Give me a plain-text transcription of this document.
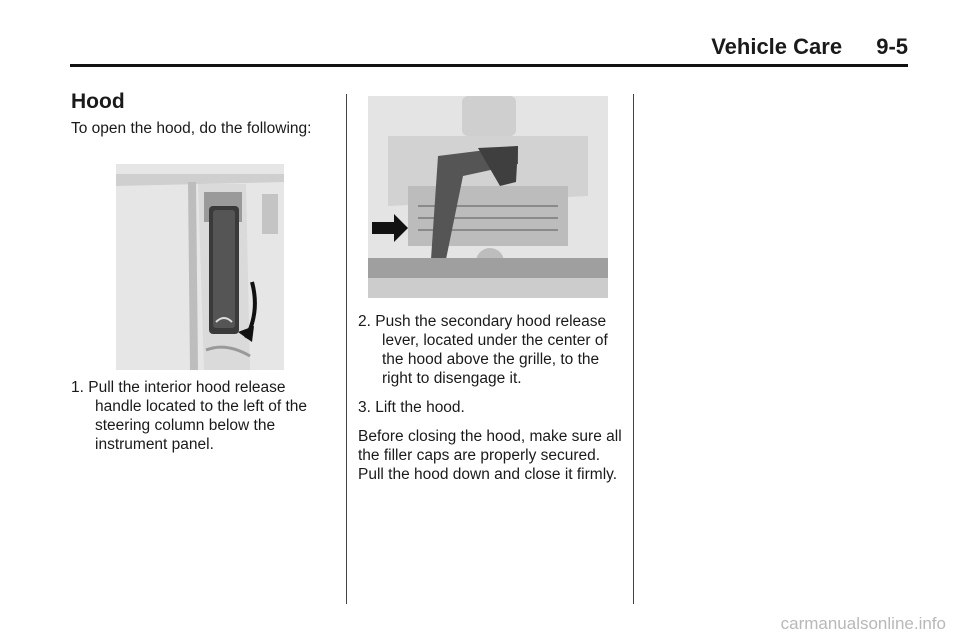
Vehicle Care 9-5
Hood

To open the hood, do the following:

1. Pull the interior hood release handle located to the left of the steering column below the instrument panel.

2. Push the secondary hood release lever, located under the center of the hood above the grille, to the right to disengage it.

3. Lift the hood.

Before closing the hood, make sure all the filler caps are properly secured. Pull the hood down and close it firmly.

carmanualsonline.info
